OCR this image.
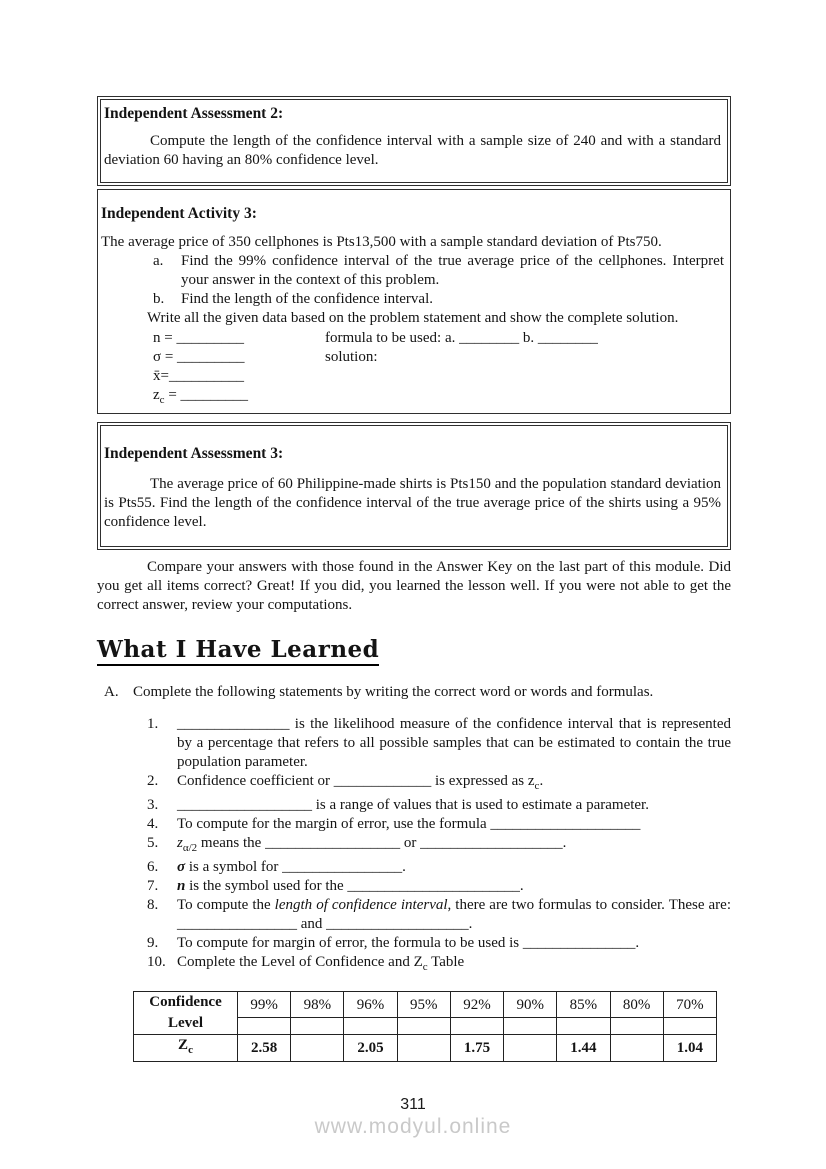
Independent Assessment 2:

Compute the length of the confidence interval with a sample size of 240 and with a standard deviation 60 having an 80% confidence level.

Independent Activity 3:

The average price of 350 cellphones is Pts13,500 with a sample standard deviation of Pts750.

a.	Find the 99% confidence interval of the true average price of the cellphones. Interpret your answer in the context of this problem.
b.	Find the length of the confidence interval.

Write all the given data based on the problem statement and show the complete solution.

n = _________
σ = _________
x̄=__________
$z_c$ = _________
formula to be used: a. ________ b. ________
solution:
Independent Assessment 3:

The average price of 60 Philippine-made shirts is Pts150 and the population standard deviation is Pts55. Find the length of the confidence interval of the true average price of the shirts using a 95% confidence level.

Compare your answers with those found in the Answer Key on the last part of this module. Did you get all items correct? Great! If you did, you learned the lesson well. If you were not able to get the correct answer, review your computations.

What I Have Learned
A. Complete the following statements by writing the correct word or words and formulas.
1.	_______________ is the likelihood measure of the confidence interval that is represented by a percentage that refers to all possible samples that can be estimated to contain the true population parameter.
2.	Confidence coefficient or _____________ is expressed as $z_c$.
3.	__________________ is a range of values that is used to estimate a parameter.
4.	To compute for the margin of error, use the formula ____________________
5.	$z_{\alpha/2}$ means the __________________ or ___________________.
6.	σ is a symbol for ________________.
7.	n is the symbol used for the _______________________.
8.	To compute the length of confidence interval, there are two formulas to consider. These are: ________________ and ___________________.
9.	To compute for margin of error, the formula to be used is _______________.
10. Complete the Level of Confidence and $Z_c$ Table
Confidence Level	99%	98%	96%	95%	92%	90%	85%	80%	70%

$Z_c$	2.58		2.05		1.75		1.44		1.04
311
www.modyul.online
